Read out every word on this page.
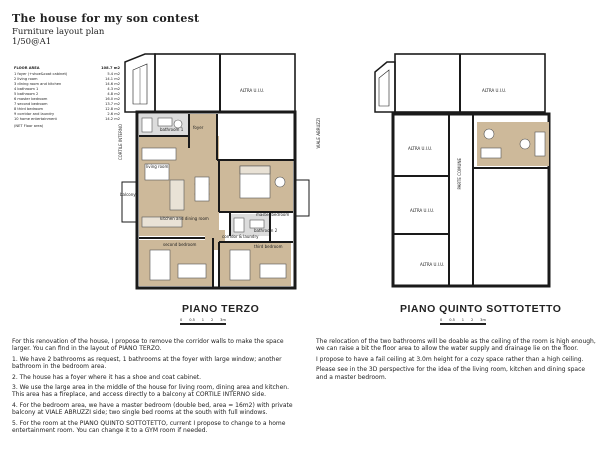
The house for my son contest
Furniture layout plan
1/50@A1
FLOOR AREA	108.7 m2
1 foyer (+shoe&coat cabinet)	5.4 m2
2 living room	14.1 m2
3 dining room and kitchen	14.6 m2
4 bathroom 1	4.3 m2
5 bathroom 2	4.8 m2
6 master bedroom	16.0 m2
7 second bedroom	13.7 m2
8 third bedroom	12.8 m2
9 corridor and laundry	2.6 m2
10 home entertainment	14.2 m2
(NET Floor area)
ALTRA U.I.U.
CORTILE INTERNO
balcony
bathroom 1 foyer
living room
kitchen and dining room
master bedroom
bathroom 2
corridor & laundry
second bedroom	third bedroom
ALTRA U.I.U.
ALTRA U.I.U.
ALTRA U.I.U.
ALTRA U.I.U.
PARTE COMUNE
VIALE ABRUZZI
PIANO TERZO	PIANO QUINTO SOTTOTETTO
0 0.5 1 2 3m	0 0.5 1 2 3m

For this renovation of the house, I propose to remove the corridor walls to make the space larger. You can find in the layout of PIANO TERZO.

1. We have 2 bathrooms as request, 1 bathrooms at the foyer with large window; another bathroom in the bedroom area.

2. The house has a foyer where it has a shoe and coat cabinet.

3. We use the large area in the middle of the house for living room, dining area and kitchen. This area has a fireplace, and access directly to a balcony at CORTILE INTERNO side.

4. For the bedroom area, we have a master bedroom (double bed, area = 16m2) with private balcony at VIALE ABRUZZI side; two single bed rooms at the south with full windows.

5. For the room at the PIANO QUINTO SOTTOTETTO, current I propose to change to a home entertainment room. You can change it to a GYM room if needed.

The relocation of the two bathrooms will be doable as the ceiling of the room is high enough, we can raise a bit the floor area to allow the water supply and drainage lie on the floor.

I propose to have a fail ceiling at 3.0m height for a cozy space rather than a high ceiling.

Please see in the 3D perspective for the idea of the living room, kitchen and dining space and a master bedroom.
